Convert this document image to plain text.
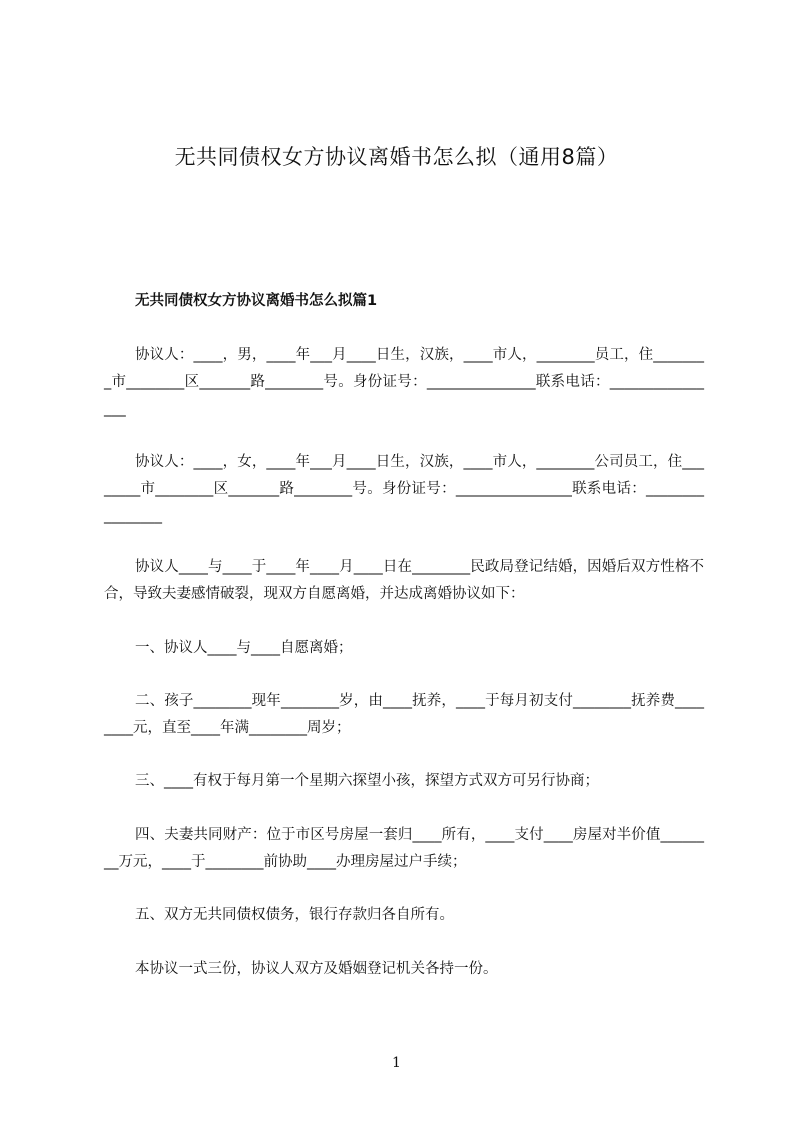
无共同债权女方协议离婚书怎么拟（通用8篇）
无共同债权女方协议离婚书怎么拟篇1

协议人：____，男，____年___月____日生，汉族，____市人，________员工，住________市________区_______路________号。身份证号：_______________联系电话：________________

协议人：____，女，____年___月____日生，汉族，____市人，________公司员工，住________市________区_______路________号。身份证号：________________联系电话：________________

协议人____与____于____年____月____日在________民政局登记结婚，因婚后双方性格不合，导致夫妻感情破裂，现双方自愿离婚，并达成离婚协议如下：

一、协议人____与____自愿离婚；

二、孩子________现年________岁，由____抚养，____于每月初支付________抚养费________元，直至____年满________周岁；

三、____有权于每月第一个星期六探望小孩，探望方式双方可另行协商；

四、夫妻共同财产：位于市区号房屋一套归____所有，____支付____房屋对半价值________万元，____于________前协助____办理房屋过户手续；

五、双方无共同债权债务，银行存款归各自所有。

本协议一式三份，协议人双方及婚姻登记机关各持一份。

1
